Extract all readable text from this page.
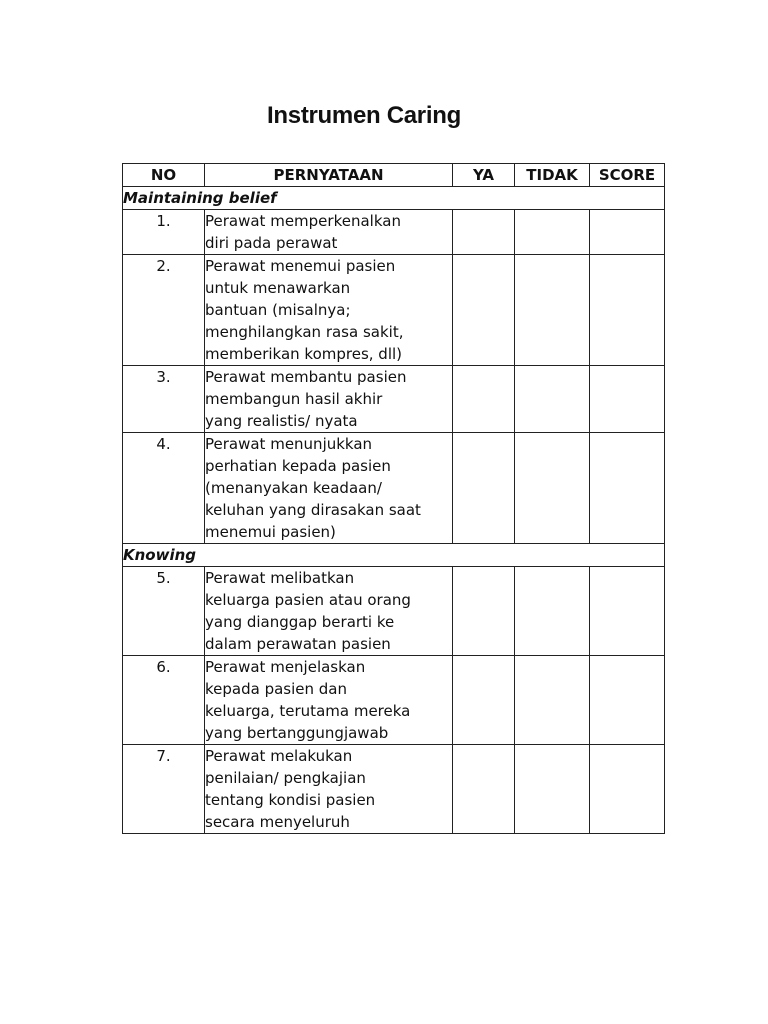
Instrumen Caring
NO	PERNYATAAN	YA	TIDAK	SCORE
Maintaining belief				
1.	Perawat memperkenalkan
diri pada perawat			
2.	Perawat menemui pasien
untuk menawarkan
bantuan (misalnya;
menghilangkan rasa sakit,
memberikan kompres, dll)			
3.	Perawat membantu pasien
membangun hasil akhir
yang realistis/ nyata			
4.	Perawat menunjukkan
perhatian kepada pasien
(menanyakan keadaan/
keluhan yang dirasakan saat
menemui pasien)			
Knowing				
5.	Perawat melibatkan
keluarga pasien atau orang
yang dianggap berarti ke
dalam perawatan pasien			
6.	Perawat menjelaskan
kepada pasien dan
keluarga, terutama mereka
yang bertanggungjawab			
7.	Perawat melakukan
penilaian/ pengkajian
tentang kondisi pasien
secara menyeluruh			
